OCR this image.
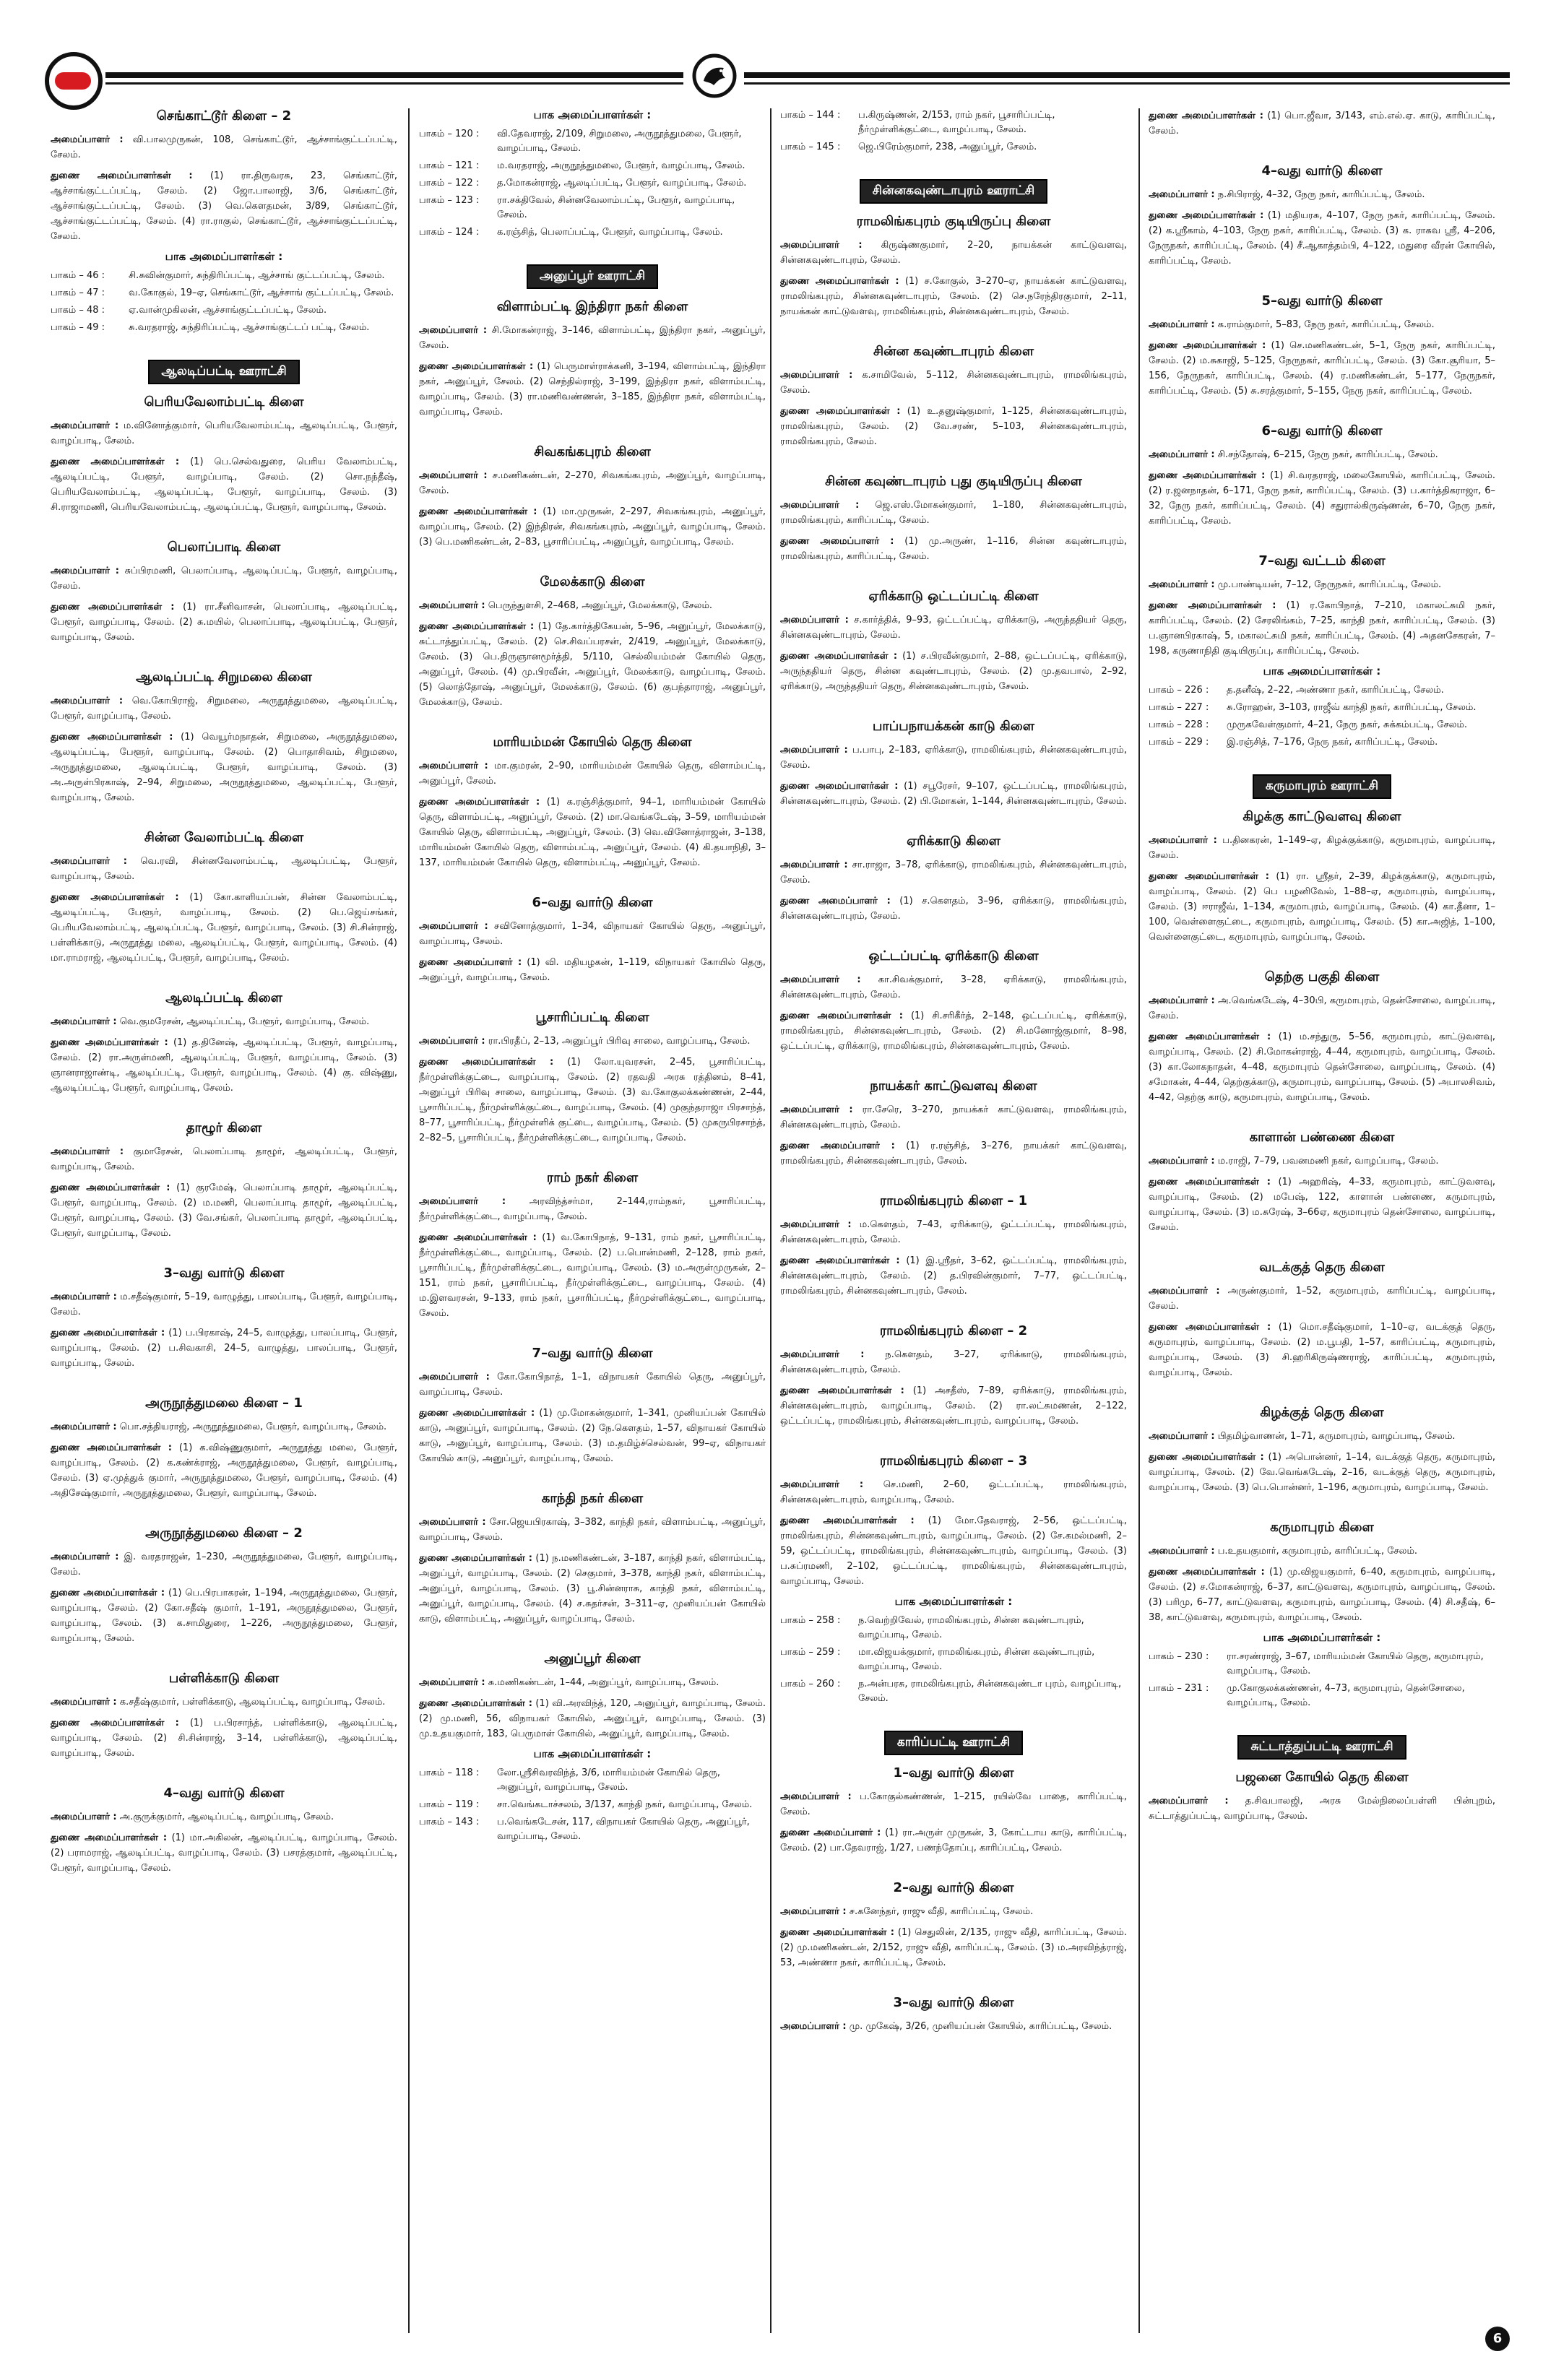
செங்காட்டூர் கிளை – 2
அமைப்பாளர் : வி.பாலமுருகன், 108, செங்காட்டூர், ஆச்சாங்குட்டப்பட்டி, சேலம்.
துணை அமைப்பாளர்கள் : (1) ரா.திருவரசு, 23, செங்காட்டூர், ஆச்சாங்குட்டப்பட்டி, சேலம். (2) ஜோ.பாலாஜி, 3/6, செங்காட்டூர், ஆச்சாங்குட்டப்பட்டி, சேலம். (3) வெ.கௌதமன், 3/89, செங்காட்டூர், ஆச்சாங்குட்டப்பட்டி, சேலம். (4) ரா.ராகுல், செங்காட்டூர், ஆச்சாங்குட்டப்பட்டி, சேலம்.
பாக அமைப்பாளர்கள் :
பாகம் – 46 :	சி.சுவின்குமார், சுந்திரிப்பட்டி, ஆச்சாங் குட்டப்பட்டி, சேலம்.
பாகம் – 47 :	வ.கோகுல், 19–ஏ, செங்காட்டூர், ஆச்சாங் குட்டப்பட்டி, சேலம்.
பாகம் – 48 :	ஏ.வான்முகிலன், ஆச்சாங்குட்டப்பட்டி, சேலம்.
பாகம் – 49 :	சு.வரதராஜ், சுந்திரிப்பட்டி, ஆச்சாங்குட்டப் பட்டி, சேலம்.
ஆலடிப்பட்டி ஊராட்சி
பெரியவேலாம்பட்டி கிளை
அமைப்பாளர் : ம.வினோத்குமார், பெரியவேலாம்பட்டி, ஆலடிப்பட்டி, பேளூர், வாழப்பாடி, சேலம்.
துணை அமைப்பாளர்கள் : (1) பெ.செல்வதுரை, பெரிய வேலாம்பட்டி, ஆலடிப்பட்டி, பேளூர், வாழப்பாடி, சேலம். (2) சொ.நந்தீஷ், பெரியவேலாம்பட்டி, ஆலடிப்பட்டி, பேளூர், வாழப்பாடி, சேலம். (3) சி.ராஜாமணி, பெரியவேலாம்பட்டி, ஆலடிப்பட்டி, பேளூர், வாழப்பாடி, சேலம்.
பெலாப்பாடி கிளை
அமைப்பாளர் : சுப்பிரமணி, பெலாப்பாடி, ஆலடிப்பட்டி, பேளூர், வாழப்பாடி, சேலம்.
துணை அமைப்பாளர்கள் : (1) ரா.சீனிவாசன், பெலாப்பாடி, ஆலடிப்பட்டி, பேளூர், வாழப்பாடி, சேலம். (2) சு.மயில், பெலாப்பாடி, ஆலடிப்பட்டி, பேளூர், வாழப்பாடி, சேலம்.
ஆலடிப்பட்டி சிறுமலை கிளை
அமைப்பாளர் : வெ.கோபிராஜ், சிறுமலை, அருநூத்துமலை, ஆலடிப்பட்டி, பேளூர், வாழப்பாடி, சேலம்.
துணை அமைப்பாளர்கள் : (1) வெயூர்மநாதன், சிறுமலை, அருநூத்துமலை, ஆலடிப்பட்டி, பேளூர், வாழப்பாடி, சேலம். (2) பொதாசிவம், சிறுமலை, அருநூத்துமலை, ஆலடிப்பட்டி, பேளூர், வாழப்பாடி, சேலம். (3) அ.அருள்பிரகாஷ், 2–94, சிறுமலை, அருநூத்துமலை, ஆலடிப்பட்டி, பேளூர், வாழப்பாடி, சேலம்.
சின்ன வேலாம்பட்டி கிளை
அமைப்பாளர் : வெ.ரவி, சின்னவேலாம்பட்டி, ஆலடிப்பட்டி, பேளூர், வாழப்பாடி, சேலம்.
துணை அமைப்பாளர்கள் : (1) கோ.காளியப்பன், சின்ன வேலாம்பட்டி, ஆலடிப்பட்டி, பேளூர், வாழப்பாடி, சேலம். (2) பெ.ஜெய்சங்கர், பெரியவேலாம்பட்டி, ஆலடிப்பட்டி, பேளூர், வாழப்பாடி, சேலம். (3) சி.சின்ராஜ், பள்ளிக்காடு, அருநூத்து மலை, ஆலடிப்பட்டி, பேளூர், வாழப்பாடி, சேலம். (4) மா.ராமராஜ், ஆலடிப்பட்டி, பேளூர், வாழப்பாடி, சேலம்.
ஆலடிப்பட்டி கிளை
அமைப்பாளர் : வெ.குமரேசன், ஆலடிப்பட்டி, பேளூர், வாழப்பாடி, சேலம்.
துணை அமைப்பாளர்கள் : (1) த.தினேஷ், ஆலடிப்பட்டி, பேளூர், வாழப்பாடி, சேலம். (2) ரா.அருள்மணி, ஆலடிப்பட்டி, பேளூர், வாழப்பாடி, சேலம். (3) ஞானராஜாண்டி, ஆலடிப்பட்டி, பேளூர், வாழப்பாடி, சேலம். (4) கு. விஷ்ணு, ஆலடிப்பட்டி, பேளூர், வாழப்பாடி, சேலம்.
தாழூர் கிளை
அமைப்பாளர் : குமாரேசன், பெலாப்பாடி தாழூர், ஆலடிப்பட்டி, பேளூர், வாழப்பாடி, சேலம்.
துணை அமைப்பாளர்கள் : (1) குரமேஷ், பெலாப்பாடி தாழூர், ஆலடிப்பட்டி, பேளூர், வாழப்பாடி, சேலம். (2) ம.மணி, பெலாப்பாடி தாழூர், ஆலடிப்பட்டி, பேளூர், வாழப்பாடி, சேலம். (3) வே.சங்கர், பெலாப்பாடி தாழூர், ஆலடிப்பட்டி, பேளூர், வாழப்பாடி, சேலம்.
3–வது வார்டு கிளை
அமைப்பாளர் : ம.சதீஷ்குமார், 5–19, வாழுத்து, பாலப்பாடி, பேளூர், வாழப்பாடி, சேலம்.
துணை அமைப்பாளர்கள் : (1) ப.பிரகாஷ், 24–5, வாழுத்து, பாலப்பாடி, பேளூர், வாழப்பாடி, சேலம். (2) ப.சிவகாசி, 24–5, வாழுத்து, பாலப்பாடி, பேளூர், வாழப்பாடி, சேலம்.
அருநூத்துமலை கிளை – 1
அமைப்பாளர் : பொ.சத்தியராஜ், அருநூத்துமலை, பேளூர், வாழப்பாடி, சேலம்.
துணை அமைப்பாளர்கள் : (1) க.விஷ்ணுகுமார், அருநூத்து மலை, பேளூர், வாழப்பாடி, சேலம். (2) க.கண்க்ராஜ், அருநூத்துமலை, பேளூர், வாழப்பாடி, சேலம். (3) ஏ.முத்துக் குமார், அருநூத்துமலை, பேளூர், வாழப்பாடி, சேலம். (4) அதிசேஷ்குமார், அருநூத்துமலை, பேளூர், வாழப்பாடி, சேலம்.
அருநூத்துமலை கிளை – 2
அமைப்பாளர் : இ. வரதராஜன், 1–230, அருநூத்துமலை, பேளூர், வாழப்பாடி, சேலம்.
துணை அமைப்பாளர்கள் : (1) பெ.பிரபாகரன், 1–194, அருநூத்துமலை, பேளூர், வாழப்பாடி, சேலம். (2) கோ.சதீஷ் குமார், 1–191, அருநூத்துமலை, பேளூர், வாழப்பாடி, சேலம். (3) க.சாமிதுரை, 1–226, அருநூத்துமலை, பேளூர், வாழப்பாடி, சேலம்.
பள்ளிக்காடு கிளை
அமைப்பாளர் : க.சதீஷ்குமார், பள்ளிக்காடு, ஆலடிப்பட்டி, வாழப்பாடி, சேலம்.
துணை அமைப்பாளர்கள் : (1) ப.பிரசாந்த், பள்ளிக்காடு, ஆலடிப்பட்டி, வாழப்பாடி, சேலம். (2) சி.சின்ராஜ், 3–14, பள்ளிக்காடு, ஆலடிப்பட்டி, வாழப்பாடி, சேலம்.
4–வது வார்டு கிளை
அமைப்பாளர் : அ.குருக்குமார், ஆலடிப்பட்டி, வாழப்பாடி, சேலம்.
துணை அமைப்பாளர்கள் : (1) மா.அகிலன், ஆலடிப்பட்டி, வாழப்பாடி, சேலம். (2) பராமராஜ், ஆலடிப்பட்டி, வாழப்பாடி, சேலம். (3) பசரத்குமார், ஆலடிப்பட்டி, பேளூர், வாழப்பாடி, சேலம்.
பாக அமைப்பாளர்கள் :
பாகம் – 120 :	வி.தேவராஜ், 2/109, சிறுமலை, அருநூத்துமலை, பேளூர், வாழப்பாடி, சேலம்.
பாகம் – 121 :	ம.வரதராஜ், அருநூத்துமலை, பேளூர், வாழப்பாடி, சேலம்.
பாகம் – 122 :	த.மோகன்ராஜ், ஆலடிப்பட்டி, பேளூர், வாழப்பாடி, சேலம்.
பாகம் – 123 :	ரா.சக்திவேல், சின்னவேலாம்பட்டி, பேளூர், வாழப்பாடி, சேலம்.
பாகம் – 124 :	க.ரஞ்சித், பெலாப்பட்டி, பேளூர், வாழப்பாடி, சேலம்.
அனுப்பூர் ஊராட்சி
விளாம்பட்டி இந்திரா நகர் கிளை
அமைப்பாளர் : சி.மோகன்ராஜ், 3–146, விளாம்பட்டி, இந்திரா நகர், அனுப்பூர், சேலம்.
துணை அமைப்பாளர்கள் : (1) பெருமாள்ராக்கனி, 3–194, விளாம்பட்டி, இந்திரா நகர், அனுப்பூர், சேலம். (2) செந்தில்ராஜ், 3–199, இந்திரா நகர், விளாம்பட்டி, வாழப்பாடி, சேலம். (3) ரா.மணிவண்ணன், 3–185, இந்திரா நகர், விளாம்பட்டி, வாழப்பாடி, சேலம்.
சிவகங்கபுரம் கிளை
அமைப்பாளர் : ச.மணிகண்டன், 2–270, சிவகங்கபுரம், அனுப்பூர், வாழப்பாடி, சேலம்.
துணை அமைப்பாளர்கள் : (1) மா.முருகன், 2–297, சிவகங்கபுரம், அனுப்பூர், வாழப்பாடி, சேலம். (2) இந்திரன், சிவகங்கபுரம், அனுப்பூர், வாழப்பாடி, சேலம். (3) பெ.மணிகண்டன், 2–83, பூசாரிப்பட்டி, அனுப்பூர், வாழப்பாடி, சேலம்.
மேலக்காடு கிளை
அமைப்பாளர் : பெருந்துளசி, 2–468, அனுப்பூர், மேலக்காடு, சேலம்.
துணை அமைப்பாளர்கள் : (1) தே.கார்த்திகேயன், 5–96, அனுப்பூர், மேலக்காடு, சுட்டாத்துப்பட்டி, சேலம். (2) செ.சிவப்பரசன், 2/419, அனுப்பூர், மேலக்காடு, சேலம். (3) பெ.திருஞானமூர்த்தி, 5/110, செல்லியம்மன் கோயில் தெரு, அனுப்பூர், சேலம். (4) மு.பிரவீன், அனுப்பூர், மேலக்காடு, வாழப்பாடி, சேலம். (5) லொத்தோஷ், அனுப்பூர், மேலக்காடு, சேலம். (6) குபந்தாராஜ், அனுப்பூர், மேலக்காடு, சேலம்.
மாரியம்மன் கோயில் தெரு கிளை
அமைப்பாளர் : மா.குமரன், 2–90, மாரியம்மன் கோயில் தெரு, விளாம்பட்டி, அனுப்பூர், சேலம்.
துணை அமைப்பாளர்கள் : (1) க.ரஞ்சித்குமார், 94–1, மாரியம்மன் கோயில் தெரு, விளாம்பட்டி, அனுப்பூர், சேலம். (2) மா.வெங்கடேஷ், 3–59, மாரியம்மன் கோயில் தெரு, விளாம்பட்டி, அனுப்பூர், சேலம். (3) வெ.வினோத்ராஜன், 3–138, மாரியம்மன் கோயில் தெரு, விளாம்பட்டி, அனுப்பூர், சேலம். (4) கி.தயாநிதி, 3–137, மாரியம்மன் கோயில் தெரு, விளாம்பட்டி, அனுப்பூர், சேலம்.
6–வது வார்டு கிளை
அமைப்பாளர் : சவினோத்குமார், 1–34, விநாயகர் கோயில் தெரு, அனுப்பூர், வாழப்பாடி, சேலம்.
துணை அமைப்பாளர் : (1) வி. மதியழகன், 1–119, விநாயகர் கோயில் தெரு, அனுப்பூர், வாழப்பாடி, சேலம்.
பூசாரிப்பட்டி கிளை
அமைப்பாளர் : ரா.பிரதீப், 2–13, அனுப்பூர் பிரிவு சாலை, வாழப்பாடி, சேலம்.
துணை அமைப்பாளர்கள் : (1) லோ.யுவரசன், 2–45, பூசாரிப்பட்டி, நீர்முள்ளிக்குட்டை, வாழப்பாடி, சேலம். (2) ரதவதி அரசு ரத்தினம், 8–41, அனுப்பூர் பிரிவு சாலை, வாழப்பாடி, சேலம். (3) வ.கோகுலக்கண்ணன், 2–44, பூசாரிப்பட்டி, நீர்முள்ளிக்குட்டை, வாழப்பாடி, சேலம். (4) முகுந்தராஜா பிரசாந்த், 8–77, பூசாரிப்பட்டி, நீர்முள்ளிக் குட்டை, வாழப்பாடி, சேலம். (5) முகருபிரசாந்த், 2–82–5, பூசாரிப்பட்டி, நீர்முள்ளிக்குட்டை, வாழப்பாடி, சேலம்.
ராம் நகர் கிளை
அமைப்பாளர் :	அரவிந்த்சர்மா, 2–144,ராம்நகர், பூசாரிப்பட்டி, நீர்முள்ளிக்குட்டை, வாழப்பாடி, சேலம்.
துணை அமைப்பாளர்கள் : (1) வ.கோபிநாத், 9–131, ராம் நகர், பூசாரிப்பட்டி, நீர்முள்ளிக்குட்டை, வாழப்பாடி, சேலம். (2) ப.பொன்மணி, 2–128, ராம் நகர், பூசாரிப்பட்டி, நீர்முள்ளிக்குட்டை, வாழப்பாடி, சேலம். (3) ம.அருள்முருகன், 2–151, ராம் நகர், பூசாரிப்பட்டி, நீர்முள்ளிக்குட்டை, வாழப்பாடி, சேலம். (4) ம.இளவரசன், 9–133, ராம் நகர், பூசாரிப்பட்டி, நீர்முள்ளிக்குட்டை, வாழப்பாடி, சேலம்.
7–வது வார்டு கிளை
அமைப்பாளர் : கோ.கோபிநாத், 1–1, விநாயகர் கோயில் தெரு, அனுப்பூர், வாழப்பாடி, சேலம்.
துணை அமைப்பாளர்கள் : (1) மு.மோகன்குமார், 1–341, முனியப்பன் கோயில் காடு, அனுப்பூர், வாழப்பாடி, சேலம். (2) நே.கௌதம், 1–57, விநாயகர் கோயில் காடு, அனுப்பூர், வாழப்பாடி, சேலம். (3) ம.தமிழ்ச்செல்வன், 99–ஏ, விநாயகர் கோயில் காடு, அனுப்பூர், வாழப்பாடி, சேலம்.
காந்தி நகர் கிளை
அமைப்பாளர் : சோ.ஜெயபிரகாஷ், 3–382, காந்தி நகர், விளாம்பட்டி, அனுப்பூர், வாழப்பாடி, சேலம்.
துணை அமைப்பாளர்கள் : (1) ந.மணிகண்டன், 3–187, காந்தி நகர், விளாம்பட்டி, அனுப்பூர், வாழப்பாடி, சேலம். (2) செகுமார், 3–378, காந்தி நகர், விளாம்பட்டி, அனுப்பூர், வாழப்பாடி, சேலம். (3) பூ.சின்னராசு, காந்தி நகர், விளாம்பட்டி, அனுப்பூர், வாழப்பாடி, சேலம். (4) ச.சுதர்சன், 3–311–ஏ, முனியப்பன் கோயில் காடு, விளாம்பட்டி, அனுப்பூர், வாழப்பாடி, சேலம்.
அனுப்பூர் கிளை
அமைப்பாளர் : சு.மணிகண்டன், 1–44, அனுப்பூர், வாழப்பாடி, சேலம்.
துணை அமைப்பாளர்கள் : (1) வி.அரவிந்த், 120, அனுப்பூர், வாழப்பாடி, சேலம். (2) மு.மணி, 56, விநாயகர் கோயில், அனுப்பூர், வாழப்பாடி, சேலம். (3) மு.உதயகுமார், 183, பெருமாள் கோயில், அனுப்பூர், வாழப்பாடி, சேலம்.
பாக அமைப்பாளர்கள் :
பாகம் – 118 :	லோ.ஸ்ரீசிவரவிந்த், 3/6, மாரியம்மன் கோயில் தெரு, அனுப்பூர், வாழப்பாடி, சேலம்.
பாகம் – 119 :	சா.வெங்கடாச்சலம், 3/137, காந்தி நகர், வாழப்பாடி, சேலம்.
பாகம் – 143 :	ப.வெங்கடேசன், 117, விநாயகர் கோயில் தெரு, அனுப்பூர், வாழப்பாடி, சேலம்.
பாகம் – 144 :	ப.கிருஷ்ணன், 2/153, ராம் நகர், பூசாரிப்பட்டி, நீர்முள்ளிக்குட்டை, வாழப்பாடி, சேலம்.
பாகம் – 145 :	ஜெ.பிரேம்குமார், 238, அனுப்பூர், சேலம்.
சின்னகவுண்டாபுரம் ஊராட்சி
ராமலிங்கபுரம் குடியிருப்பு கிளை
அமைப்பாளர் : கிருஷ்ணகுமார், 2–20, நாயக்கன் காட்டுவளவு, சின்னகவுண்டாபுரம், சேலம்.
துணை அமைப்பாளர்கள் : (1) ச.கோகுல், 3–270–ஏ, நாயக்கன் காட்டுவளவு, ராமலிங்கபுரம், சின்னகவுண்டாபுரம், சேலம். (2) செ.நரேந்திரகுமார், 2–11, நாயக்கன் காட்டுவளவு, ராமலிங்கபுரம், சின்னகவுண்டாபுரம், சேலம்.
சின்ன கவுண்டாபுரம் கிளை
அமைப்பாளர் : க.சாமிவேல், 5–112, சின்னகவுண்டாபுரம், ராமலிங்கபுரம், சேலம்.
துணை அமைப்பாளர்கள் : (1) உ.தனுஷ்குமார், 1–125, சின்னகவுண்டாபுரம், ராமலிங்கபுரம், சேலம். (2) வே.சரண், 5–103, சின்னகவுண்டாபுரம், ராமலிங்கபுரம், சேலம்.
சின்ன கவுண்டாபுரம் புது குடியிருப்பு கிளை
அமைப்பாளர் : ஜெ.எஸ்.மோகன்குமார், 1–180, சின்னகவுண்டாபுரம், ராமலிங்கபுரம், காரிப்பட்டி, சேலம்.
துணை அமைப்பாளர் : (1) மு.அருண், 1–116, சின்ன கவுண்டாபுரம், ராமலிங்கபுரம், காரிப்பட்டி, சேலம்.
ஏரிக்காடு ஒட்டப்பட்டி கிளை
அமைப்பாளர் : ச.கார்த்திக், 9–93, ஒட்டப்பட்டி, ஏரிக்காடு, அருந்ததியர் தெரு, சின்னகவுண்டாபுரம், சேலம்.
துணை அமைப்பாளர்கள் : (1) ச.பிரவீன்குமார், 2–88, ஒட்டப்பட்டி, ஏரிக்காடு, அருந்ததியர் தெரு, சின்ன கவுண்டாபுரம், சேலம். (2) மு.தவபால், 2–92, ஏரிக்காடு, அருந்ததியர் தெரு, சின்னகவுண்டாபுரம், சேலம்.
பாப்பநாயக்கன் காடு கிளை
அமைப்பாளர் : ப.பாபு, 2–183, ஏரிக்காடு, ராமலிங்கபுரம், சின்னகவுண்டாபுரம், சேலம்.
துணை அமைப்பாளர்கள் : (1) சபூரேசர், 9–107, ஒட்டப்பட்டி, ராமலிங்கபுரம், சின்னகவுண்டாபுரம், சேலம். (2) பி.மோகன், 1–144, சின்னகவுண்டாபுரம், சேலம்.
ஏரிக்காடு கிளை
அமைப்பாளர் : சா.ராஜா, 3–78, ஏரிக்காடு, ராமலிங்கபுரம், சின்னகவுண்டாபுரம், சேலம்.
துணை அமைப்பாளர் : (1) ச.கௌதம், 3–96, ஏரிக்காடு, ராமலிங்கபுரம், சின்னகவுண்டாபுரம், சேலம்.
ஒட்டப்பட்டி ஏரிக்காடு கிளை
அமைப்பாளர் : கா.சிவக்குமார், 3–28, ஏரிக்காடு, ராமலிங்கபுரம், சின்னகவுண்டாபுரம், சேலம்.
துணை அமைப்பாளர்கள் : (1) சி.சரிகீர்த், 2–148, ஒட்டப்பட்டி, ஏரிக்காடு, ராமலிங்கபுரம், சின்னகவுண்டாபுரம், சேலம். (2) சி.மனோஜ்குமார், 8–98, ஒட்டப்பட்டி, ஏரிக்காடு, ராமலிங்கபுரம், சின்னகவுண்டாபுரம், சேலம்.
நாயக்கர் காட்டுவளவு கிளை
அமைப்பாளர் : ரா.சேரெ, 3–270, நாயக்கர் காட்டுவளவு, ராமலிங்கபுரம், சின்னகவுண்டாபுரம், சேலம்.
துணை அமைப்பாளர் : (1) ர.ரஞ்சித், 3–276, நாயக்கர் காட்டுவளவு, ராமலிங்கபுரம், சின்னகவுண்டாபுரம், சேலம்.
ராமலிங்கபுரம் கிளை – 1
அமைப்பாளர் : ம.கௌதம், 7–43, ஏரிக்காடு, ஒட்டப்பட்டி, ராமலிங்கபுரம், சின்னகவுண்டாபுரம், சேலம்.
துணை அமைப்பாளர்கள் : (1) இ.ஸ்ரீதர், 3–62, ஒட்டப்பட்டி, ராமலிங்கபுரம், சின்னகவுண்டாபுரம், சேலம். (2) த.பிரவின்குமார், 7–77, ஒட்டப்பட்டி, ராமலிங்கபுரம், சின்னகவுண்டாபுரம், சேலம்.
ராமலிங்கபுரம் கிளை – 2
அமைப்பாளர் : ந.கௌதம், 3–27, ஏரிக்காடு, ராமலிங்கபுரம், சின்னகவுண்டாபுரம், சேலம்.
துணை அமைப்பாளர்கள் : (1) அசதீஸ், 7–89, ஏரிக்காடு, ராமலிங்கபுரம், சின்னகவுண்டாபுரம், வாழப்பாடி, சேலம். (2) ரா.லட்சுமணன், 2–122, ஒட்டப்பட்டி, ராமலிங்கபுரம், சின்னகவுண்டாபுரம், வாழப்பாடி, சேலம்.
ராமலிங்கபுரம் கிளை – 3
அமைப்பாளர் : செ.மணி, 2–60, ஒட்டப்பட்டி, ராமலிங்கபுரம், சின்னகவுண்டாபுரம், வாழப்பாடி, சேலம்.
துணை அமைப்பாளர்கள் : (1) மோ.தேவராஜ், 2–56, ஒட்டப்பட்டி, ராமலிங்கபுரம், சின்னகவுண்டாபுரம், வாழப்பாடி, சேலம். (2) சே.கமல்மணி, 2–59, ஒட்டப்பட்டி, ராமலிங்கபுரம், சின்னகவுண்டாபுரம், வாழப்பாடி, சேலம். (3) ப.சுப்ரமணி, 2–102, ஒட்டப்பட்டி, ராமலிங்கபுரம், சின்னகவுண்டாபுரம், வாழப்பாடி, சேலம்.
பாக அமைப்பாளர்கள் :
பாகம் – 258 :	ந.வெற்றிவேல், ராமலிங்கபுரம், சின்ன கவுண்டாபுரம், வாழப்பாடி, சேலம்.
பாகம் – 259 :	மா.விஜயக்குமார், ராமலிங்கபுரம், சின்ன கவுண்டாபுரம், வாழப்பாடி, சேலம்.
பாகம் – 260 :	ந.அன்பரசு, ராமலிங்கபுரம், சின்னகவுண்டா புரம், வாழப்பாடி, சேலம்.
காரிப்பட்டி ஊராட்சி
1–வது வார்டு கிளை
அமைப்பாளர் : ப.கோகுல்கண்ணன், 1–215, ரயில்வே பாதை, காரிப்பட்டி, சேலம்.
துணை அமைப்பாளர் : (1) ரா.அருள் முருகன், 3, கோட்டாய காடு, காரிப்பட்டி, சேலம். (2) பா.தேவராஜ், 1/27, பணந்தோப்பு, காரிப்பட்டி, சேலம்.
2–வது வார்டு கிளை
அமைப்பாளர் : ச.கனேந்தர், ராஜு வீதி, காரிப்பட்டி, சேலம்.
துணை அமைப்பாளர்கள் : (1) செதுலின், 2/135, ராஜு வீதி, காரிப்பட்டி, சேலம். (2) மு.மணிகண்டன், 2/152, ராஜு வீதி, காரிப்பட்டி, சேலம். (3) ம.அரவிந்த்ராஜ், 53, அண்ணா நகர், காரிப்பட்டி, சேலம்.
3–வது வார்டு கிளை
அமைப்பாளர் : மு. முகேஷ், 3/26, முனியப்பன் கோயில், காரிப்பட்டி, சேலம்.
துணை அமைப்பாளர்கள் : (1) பொ.ஜீவா, 3/143, எம்.எல்.ஏ. காடு, காரிப்பட்டி, சேலம்.
4–வது வார்டு கிளை
அமைப்பாளர் : ந.சிபிராஜ், 4–32, நேரு நகர், காரிப்பட்டி, சேலம்.
துணை அமைப்பாளர்கள் : (1) மதியரசு, 4–107, நேரு நகர், காரிப்பட்டி, சேலம். (2) க.ஸ்ரீகாம், 4–103, நேரு நகர், காரிப்பட்டி, சேலம். (3) க. ராகவ ஸ்ரீ, 4–206, நேருநகர், காரிப்பட்டி, சேலம். (4) சீ.ஆகாத்தம்பி, 4–122, மதுரை வீரன் கோயில், காரிப்பட்டி, சேலம்.
5–வது வார்டு கிளை
அமைப்பாளர் : க.ராம்குமார், 5–83, நேரு நகர், காரிப்பட்டி, சேலம்.
துணை அமைப்பாளர்கள் : (1) செ.மணிகண்டன், 5–1, நேரு நகர், காரிப்பட்டி, சேலம். (2) ம.சுகாஜி, 5–125, நேருநகர், காரிப்பட்டி, சேலம். (3) கோ.சூரியா, 5–156, நேருநகர், காரிப்பட்டி, சேலம். (4) ர.மணிகண்டன், 5–177, நேருநகர், காரிப்பட்டி, சேலம். (5) சு.சரத்குமார், 5–155, நேரு நகர், காரிப்பட்டி, சேலம்.
6–வது வார்டு கிளை
அமைப்பாளர் : சி.சந்தோஷ், 6–215, நேரு நகர், காரிப்பட்டி, சேலம்.
துணை அமைப்பாளர்கள் : (1) சி.வரதராஜ், மலைகோயில், காரிப்பட்டி, சேலம். (2) ர.ஜனநாதன், 6–171, நேரு நகர், காரிப்பட்டி, சேலம். (3) ப.கார்த்திகராஜா, 6–32, நேரு நகர், காரிப்பட்டி, சேலம். (4) சதுரால்கிருஷ்ணன், 6–70, நேரு நகர், காரிப்பட்டி, சேலம்.
7–வது வட்டம் கிளை
அமைப்பாளர் : மு.பாண்டியன், 7–12, நேருநகர், காரிப்பட்டி, சேலம்.
துணை அமைப்பாளர்கள் : (1) ர.கோபிநாத், 7–210, மகாலட்சுமி நகர், காரிப்பட்டி, சேலம். (2) சேரலிங்கம், 7–25, காந்தி நகர், காரிப்பட்டி, சேலம். (3) ப.ஞானபிரகாஷ், 5, மகாலட்சுமி நகர், காரிப்பட்டி, சேலம். (4) அதனசேகரன், 7–198, கருணாநிதி குடியிருப்பு, காரிப்பட்டி, சேலம்.
பாக அமைப்பாளர்கள் :
பாகம் – 226 :	த.தனீஷ், 2–22, அண்ணா நகர், காரிப்பட்டி, சேலம்.
பாகம் – 227 :	சு.ரோஹன், 3–103, ராஜீவ் காந்தி நகர், காரிப்பட்டி, சேலம்.
பாகம் – 228 :	முருகவேள்குமார், 4–21, நேரு நகர், சுக்கம்பட்டி, சேலம்.
பாகம் – 229 :	இ.ரஞ்சித், 7–176, நேரு நகர், காரிப்பட்டி, சேலம்.
கருமாபுரம் ஊராட்சி
கிழக்கு காட்டுவளவு கிளை
அமைப்பாளர் : ப.தினகரன், 1–149–ஏ, கிழக்குக்காடு, கருமாபுரம், வாழப்பாடி, சேலம்.
துணை அமைப்பாளர்கள் : (1) ரா. ஸ்ரீதர், 2–39, கிழக்குக்காடு, கருமாபுரம், வாழப்பாடி, சேலம். (2) பெ பழனிவேல், 1–88–ஏ, கருமாபுரம், வாழப்பாடி, சேலம். (3) ஈராஜீவ், 1–134, கருமாபுரம், வாழப்பாடி, சேலம். (4) கா.தீனா, 1–100, வெள்ளைகுட்டை, கருமாபுரம், வாழப்பாடி, சேலம். (5) கா.அஜித், 1–100, வெள்ளைகுட்டை, கருமாபுரம், வாழப்பாடி, சேலம்.
தெற்கு பகுதி கிளை
அமைப்பாளர் : அ.வெங்கடேஷ், 4–30பி, கருமாபுரம், தென்சோலை, வாழப்பாடி, சேலம்.
துணை அமைப்பாளர்கள் : (1) ம.சந்துரு, 5–56, கருமாபுரம், காட்டுவளவு, வாழப்பாடி, சேலம். (2) சி.மோகன்ராஜ், 4–44, கருமாபுரம், வாழப்பாடி, சேலம். (3) கா.லோகநாதன், 4–48, கருமாபுரம் தென்சோலை, வாழப்பாடி, சேலம். (4) சமோகன், 4–44, தெற்குக்காடு, கருமாபுரம், வாழப்பாடி, சேலம். (5) அபாலசிவம், 4–42, தெற்கு காடு, கருமாபுரம், வாழப்பாடி, சேலம்.
காளான் பண்ணை கிளை
அமைப்பாளர் : ம.ராஜி, 7–79, பவனமணி நகர், வாழப்பாடி, சேலம்.
துணை அமைப்பாளர்கள் : (1) அஹரிஷ், 4–33, கருமாபுரம், காட்டுவளவு, வாழப்பாடி, சேலம். (2) மபேஷ், 122, காளான் பண்ணை, கருமாபுரம், வாழப்பாடி, சேலம். (3) ம.சுரேஷ், 3–66ஏ, கருமாபுரம் தென்சோலை, வாழப்பாடி, சேலம்.
வடக்குத் தெரு கிளை
அமைப்பாளர் : அருண்குமார், 1–52, கருமாபுரம், காரிப்பட்டி, வாழப்பாடி, சேலம்.
துணை அமைப்பாளர்கள் : (1) மொ.சதீஷ்குமார், 1–10–ஏ, வடக்குத் தெரு, கருமாபுரம், வாழப்பாடி, சேலம். (2) ம.பூபதி, 1–57, காரிப்பட்டி, கருமாபுரம், வாழப்பாடி, சேலம். (3) சி.ஹரிகிருஷ்ணராஜ், காரிப்பட்டி, கருமாபுரம், வாழப்பாடி, சேலம்.
கிழக்குத் தெரு கிளை
அமைப்பாளர் : பிதமிழ்வாணன், 1–71, கருமாபுரம், வாழப்பாடி, சேலம்.
துணை அமைப்பாளர்கள் : (1) அபொன்னர், 1–14, வடக்குத் தெரு, கருமாபுரம், வாழப்பாடி, சேலம். (2) வே.வெங்கடேஷ், 2–16, வடக்குத் தெரு, கருமாபுரம், வாழப்பாடி, சேலம். (3) பெ.பொன்னர், 1–196, கருமாபுரம், வாழப்பாடி, சேலம்.
கருமாபுரம் கிளை
அமைப்பாளர் : ப.உதயகுமார், கருமாபுரம், காரிப்பட்டி, சேலம்.
துணை அமைப்பாளர்கள் : (1) மு.விஜயகுமார், 6–40, கருமாபுரம், வாழப்பாடி, சேலம். (2) ச.மோகன்ராஜ், 6–37, காட்டுவளவு, கருமாபுரம், வாழப்பாடி, சேலம். (3) பரிமு, 6–77, காட்டுவளவு, கருமாபுரம், வாழப்பாடி, சேலம். (4) சி.சதீஷ், 6–38, காட்டுவளவு, கருமாபுரம், வாழப்பாடி, சேலம்.
பாக அமைப்பாளர்கள் :
பாகம் – 230 :	ரா.சரண்ராஜ், 3–67, மாரியம்மன் கோயில் தெரு, கருமாபுரம், வாழப்பாடி, சேலம்.
பாகம் – 231 :	மு.கோகுலக்கண்ணன், 4–73, கருமாபுரம், தென்சோலை, வாழப்பாடி, சேலம்.
சுட்டாத்துப்பட்டி ஊராட்சி
பஜனை கோயில் தெரு கிளை
அமைப்பாளர் : த.சிவபாலஜி, அரசு மேல்நிலைப்பள்ளி பின்புறம், சுட்டாத்துப்பட்டி, வாழப்பாடி, சேலம்.
6
